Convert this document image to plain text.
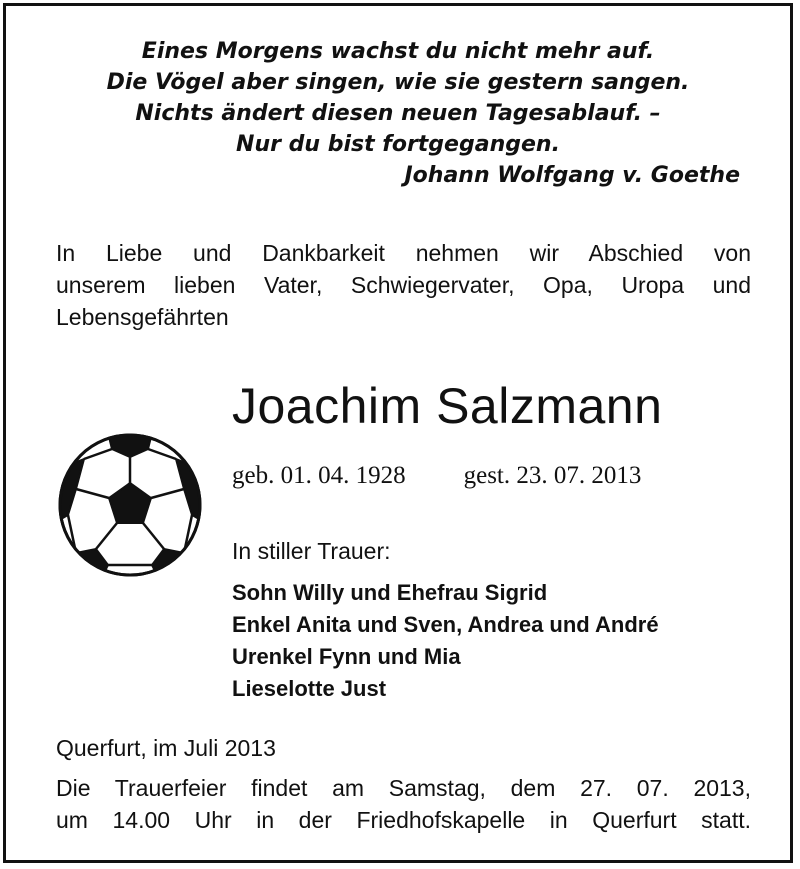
Eines Morgens wachst du nicht mehr auf.
Die Vögel aber singen, wie sie gestern sangen.
Nichts ändert diesen neuen Tagesablauf. –
Nur du bist fortgegangen.
Johann Wolfgang v. Goethe
In Liebe und Dankbarkeit nehmen wir Abschied von
unserem lieben Vater, Schwiegervater, Opa, Uropa und
Lebensgefährten
Joachim Salzmann
geb. 01. 04. 1928 gest. 23. 07. 2013
In stiller Trauer:
Sohn Willy und Ehefrau Sigrid
Enkel Anita und Sven, Andrea und André
Urenkel Fynn und Mia
Lieselotte Just
Querfurt, im Juli 2013
Die Trauerfeier findet am Samstag, dem 27. 07. 2013,
um 14.00 Uhr in der Friedhofskapelle in Querfurt statt.
